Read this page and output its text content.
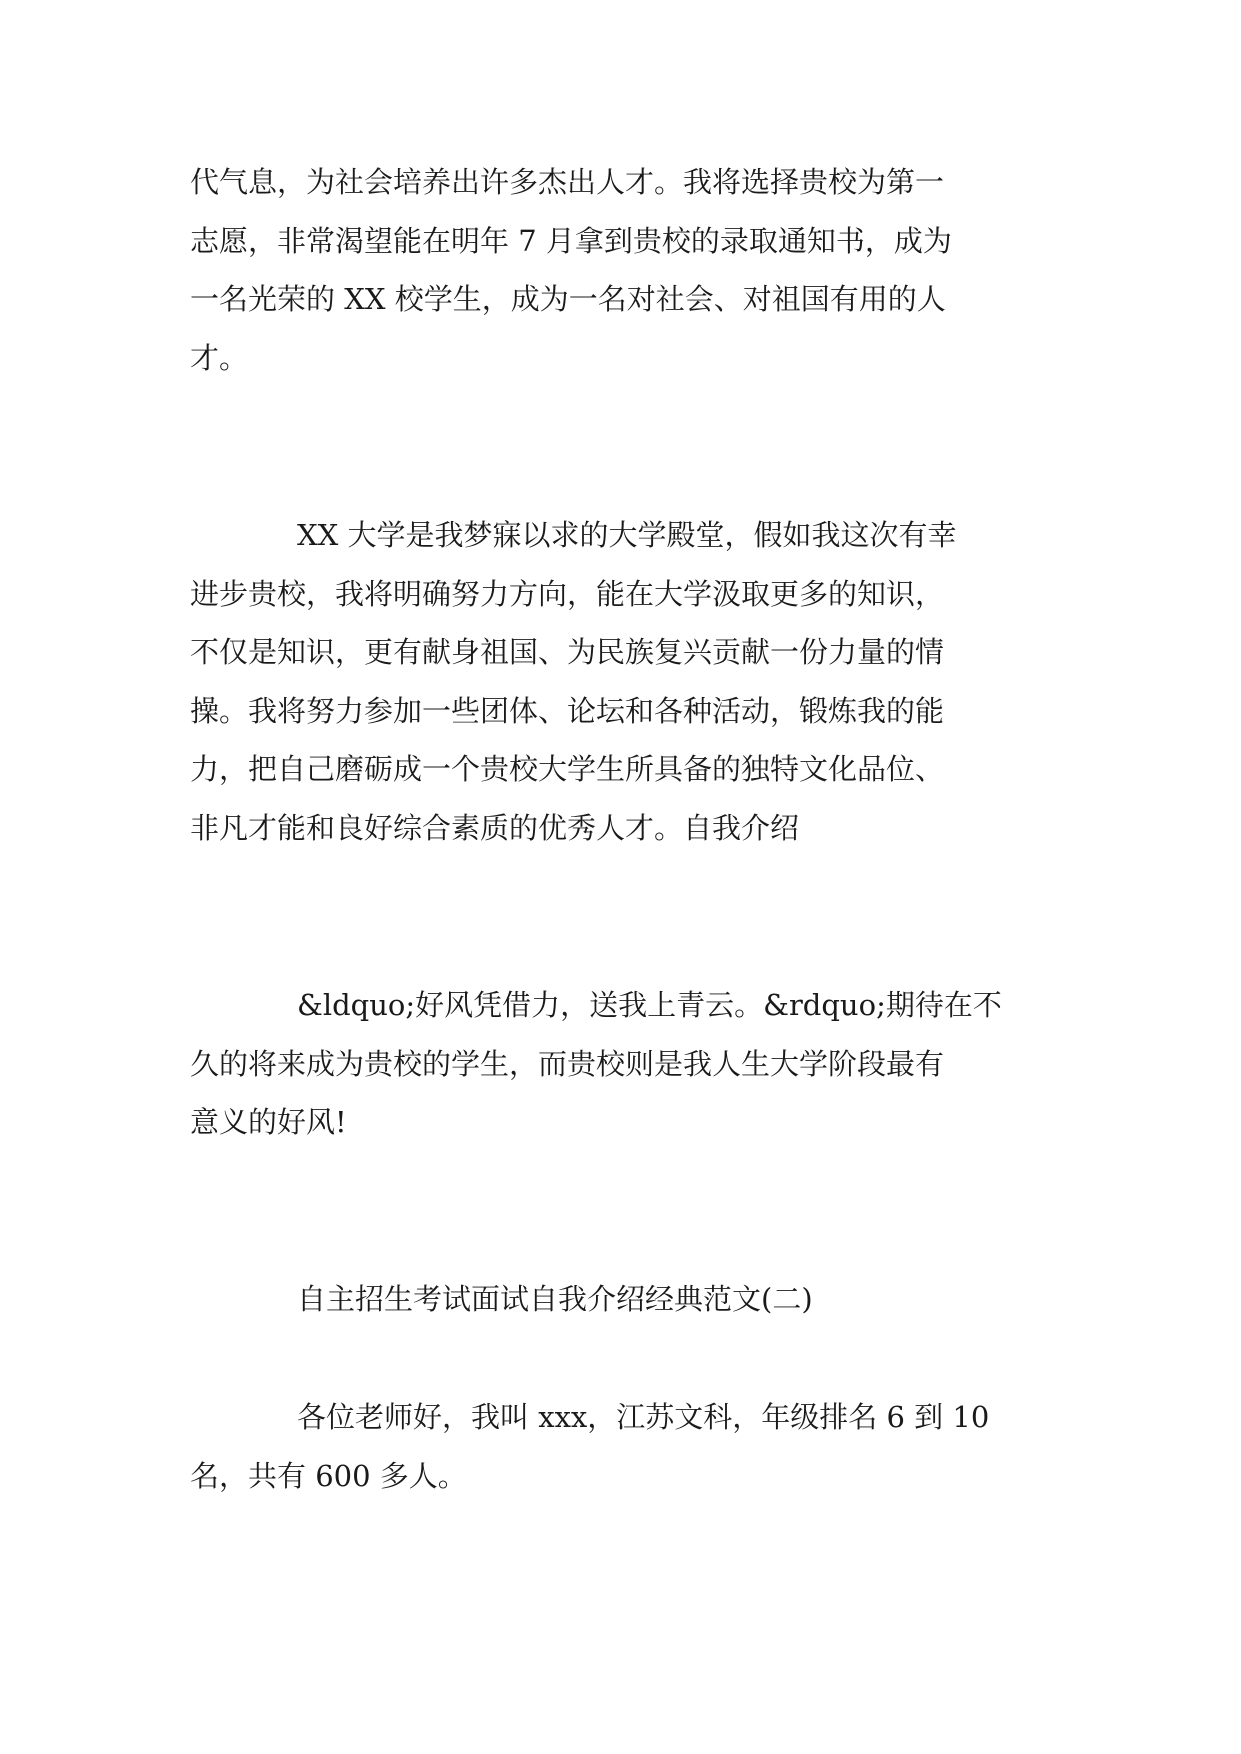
代气息，为社会培养出许多杰出人才。我将选择贵校为第一

志愿，非常渴望能在明年 7 月拿到贵校的录取通知书，成为

一名光荣的 XX 校学生，成为一名对社会、对祖国有用的人

才。

XX 大学是我梦寐以求的大学殿堂，假如我这次有幸

进步贵校，我将明确努力方向，能在大学汲取更多的知识，

不仅是知识，更有献身祖国、为民族复兴贡献一份力量的情

操。我将努力参加一些团体、论坛和各种活动，锻炼我的能

力，把自己磨砺成一个贵校大学生所具备的独特文化品位、

非凡才能和良好综合素质的优秀人才。自我介绍

&ldquo;好风凭借力，送我上青云。&rdquo;期待在不

久的将来成为贵校的学生，而贵校则是我人生大学阶段最有

意义的好风!

自主招生考试面试自我介绍经典范文(二)

各位老师好，我叫 xxx，江苏文科，年级排名 6 到 10

名，共有 600 多人。
